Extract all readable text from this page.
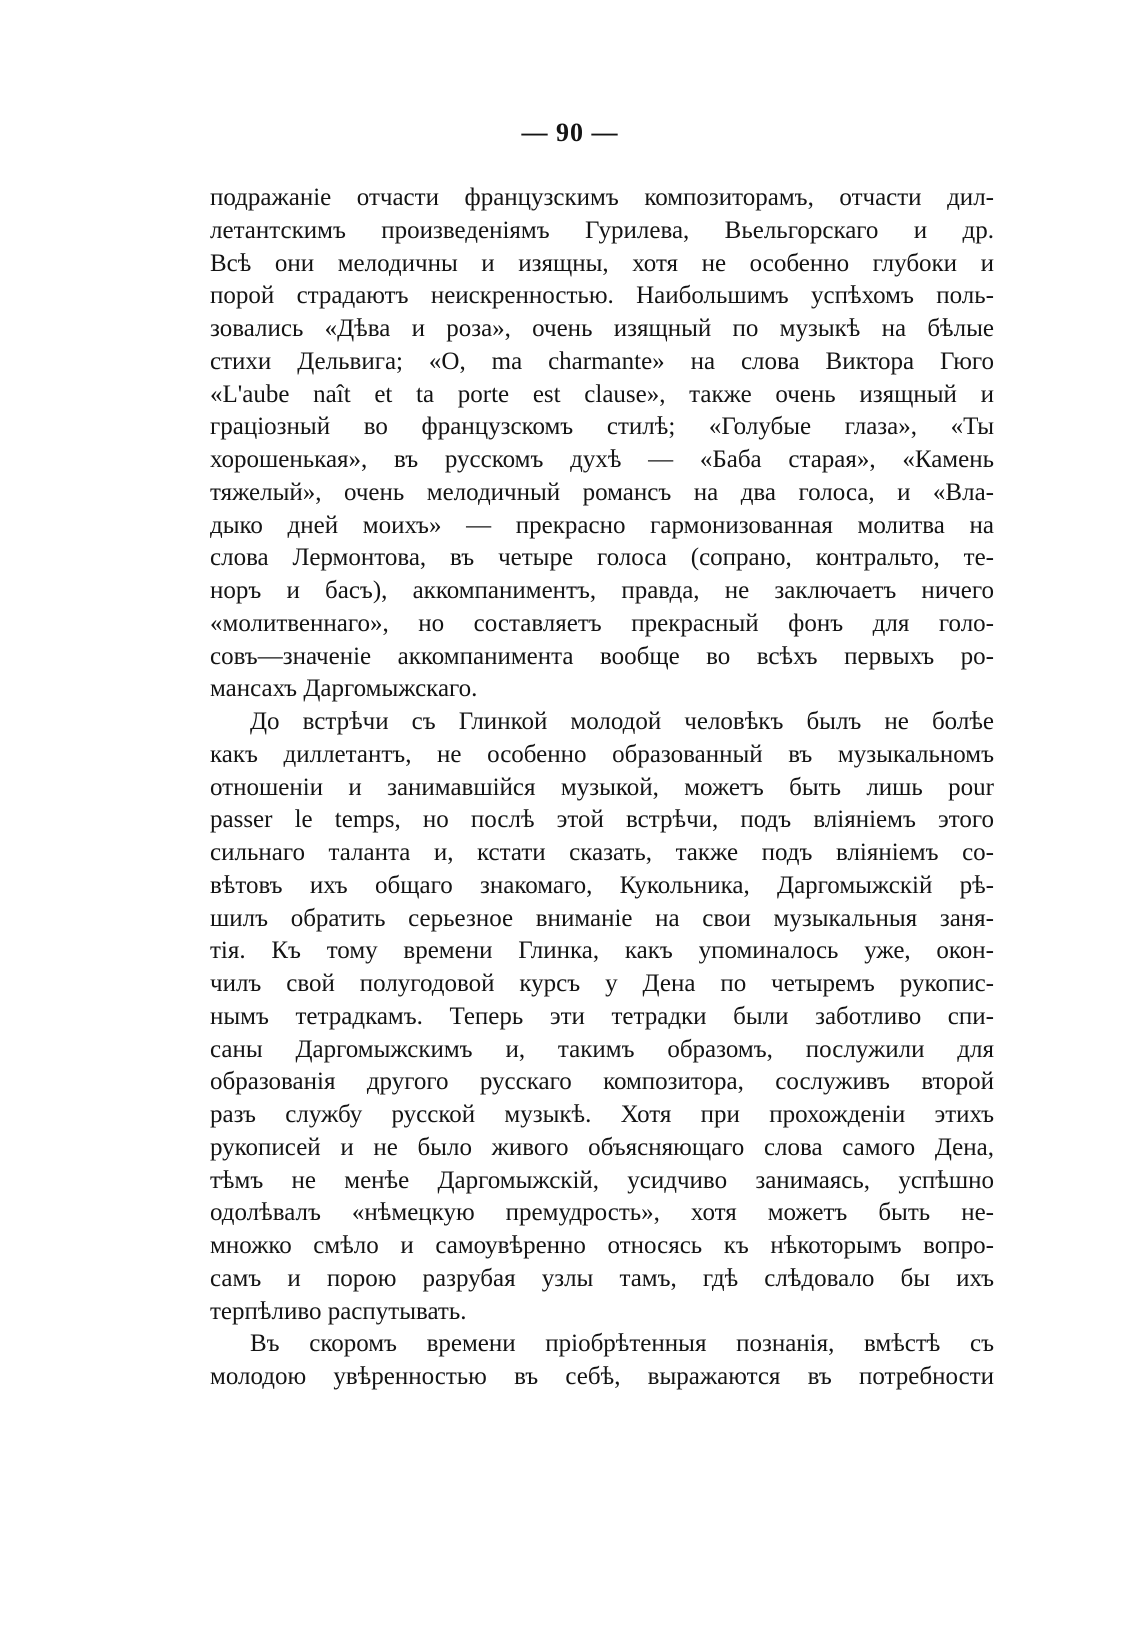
— 90 —
подражаніе отчасти французскимъ композиторамъ, отчасти дил-
летантскимъ произведеніямъ Гурилева, Вьельгорскаго и др.
Всѣ они мелодичны и изящны, хотя не особенно глубоки и
порой страдаютъ неискренностью. Наибольшимъ успѣхомъ поль-
зовались «Дѣва и роза», очень изящный по музыкѣ на бѣлые
стихи Дельвига; «O, ma charmante» на слова Виктора Гюго
«L'aube naît et ta porte est clause», также очень изящный и
граціозный во французскомъ стилѣ; «Голубые глаза», «Ты
хорошенькая», въ русскомъ духѣ — «Баба старая», «Камень
тяжелый», очень мелодичный романсъ на два голоса, и «Вла-
дыко дней моихъ» — прекрасно гармонизованная молитва на
слова Лермонтова, въ четыре голоса (сопрано, контральто, те-
норъ и басъ), аккомпаниментъ, правда, не заключаетъ ничего
«молитвеннаго», но составляетъ прекрасный фонъ для голо-
совъ—значеніе аккомпанимента вообще во всѣхъ первыхъ ро-
мансахъ Даргомыжскаго.
До встрѣчи съ Глинкой молодой человѣкъ былъ не болѣе
какъ диллетантъ, не особенно образованный въ музыкальномъ
отношеніи и занимавшійся музыкой, можетъ быть лишь pour
passer le temps, но послѣ этой встрѣчи, подъ вліяніемъ этого
сильнаго таланта и, кстати сказать, также подъ вліяніемъ со-
вѣтовъ ихъ общаго знакомаго, Кукольника, Даргомыжскій рѣ-
шилъ обратить серьезное вниманіе на свои музыкальныя заня-
тія. Къ тому времени Глинка, какъ упоминалось уже, окон-
чилъ свой полугодовой курсъ у Дена по четыремъ рукопис-
нымъ тетрадкамъ. Теперь эти тетрадки были заботливо спи-
саны Даргомыжскимъ и, такимъ образомъ, послужили для
образованія другого русскаго композитора, сослуживъ второй
разъ службу русской музыкѣ. Хотя при прохожденіи этихъ
рукописей и не было живого объясняющаго слова самого Дена,
тѣмъ не менѣе Даргомыжскій, усидчиво занимаясь, успѣшно
одолѣвалъ «нѣмецкую премудрость», хотя можетъ быть не-
множко смѣло и самоувѣренно относясь къ нѣкоторымъ вопро-
самъ и порою разрубая узлы тамъ, гдѣ слѣдовало бы ихъ
терпѣливо распутывать.
Въ скоромъ времени пріобрѣтенныя познанія, вмѣстѣ съ
молодою увѣренностью въ себѣ, выражаются въ потребности
